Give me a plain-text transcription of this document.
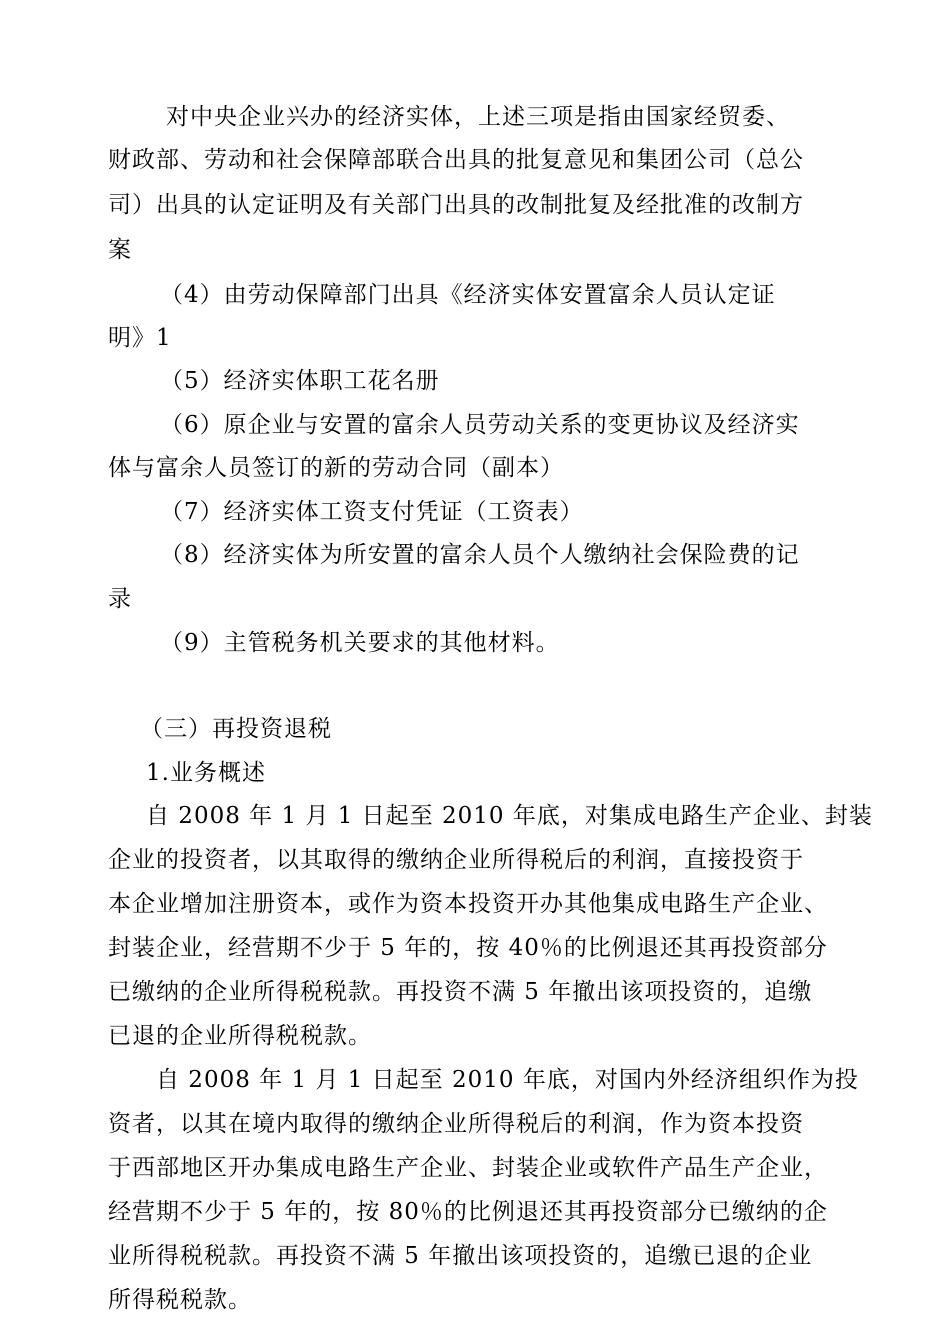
对中央企业兴办的经济实体，上述三项是指由国家经贸委、
财政部、劳动和社会保障部联合出具的批复意见和集团公司（总公
司）出具的认定证明及有关部门出具的改制批复及经批准的改制方
案
（4）由劳动保障部门出具《经济实体安置富余人员认定证
明》1
（5）经济实体职工花名册
（6）原企业与安置的富余人员劳动关系的变更协议及经济实
体与富余人员签订的新的劳动合同（副本）
（7）经济实体工资支付凭证（工资表）
（8）经济实体为所安置的富余人员个人缴纳社会保险费的记
录
（9）主管税务机关要求的其他材料。
（三）再投资退税
1.业务概述
自 2008 年 1 月 1 日起至 2010 年底，对集成电路生产企业、封装
企业的投资者，以其取得的缴纳企业所得税后的利润，直接投资于
本企业增加注册资本，或作为资本投资开办其他集成电路生产企业、
封装企业，经营期不少于 5 年的，按 40％的比例退还其再投资部分
已缴纳的企业所得税税款。再投资不满 5 年撤出该项投资的，追缴
已退的企业所得税税款。
自 2008 年 1 月 1 日起至 2010 年底，对国内外经济组织作为投
资者，以其在境内取得的缴纳企业所得税后的利润，作为资本投资
于西部地区开办集成电路生产企业、封装企业或软件产品生产企业，
经营期不少于 5 年的，按 80％的比例退还其再投资部分已缴纳的企
业所得税税款。再投资不满 5 年撤出该项投资的，追缴已退的企业
所得税税款。
